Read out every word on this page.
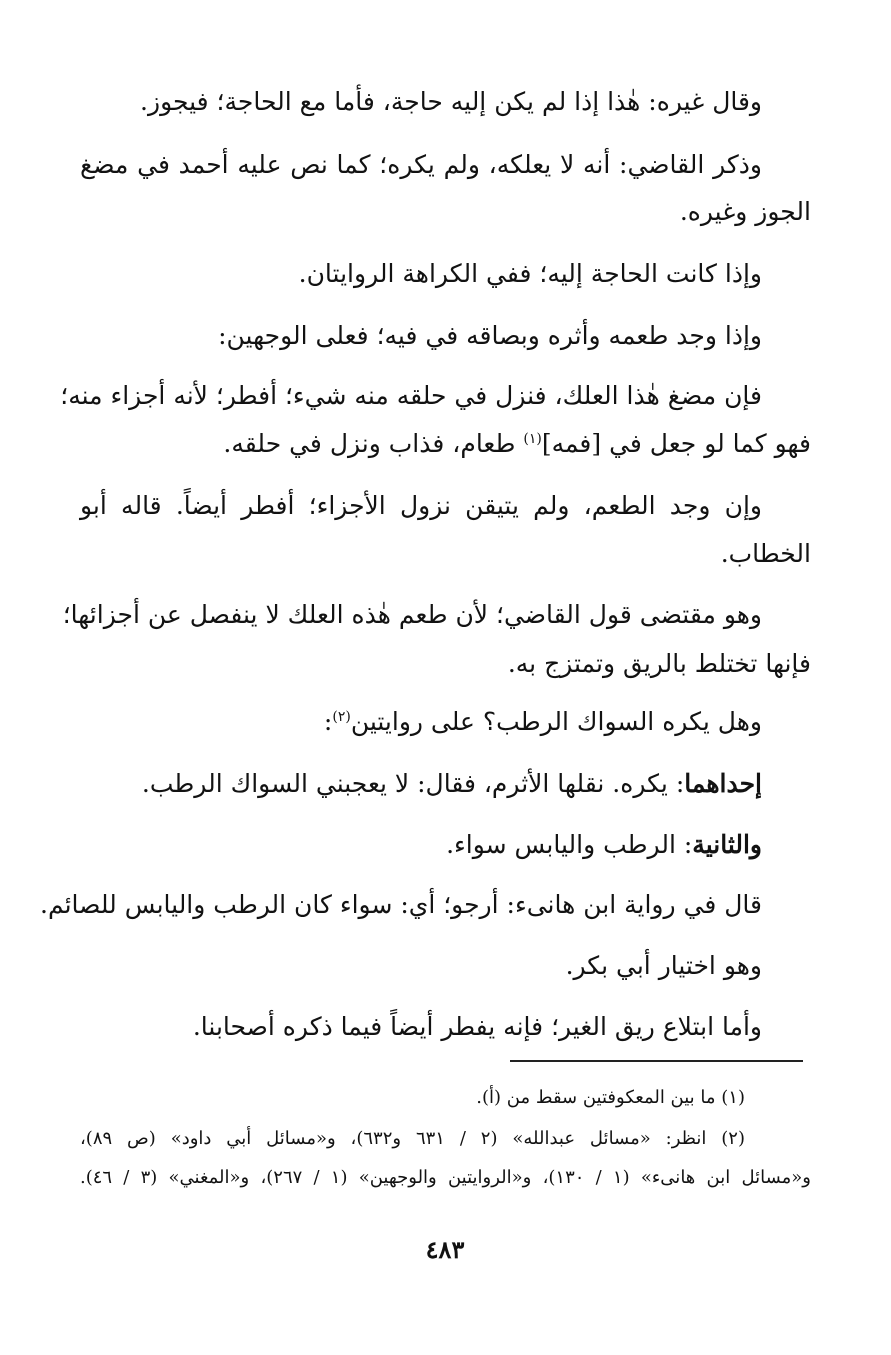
وقال غيره: هٰذا إذا لم يكن إليه حاجة، فأما مع الحاجة؛ فيجوز.
وذكر القاضي: أنه لا يعلكه، ولم يكره؛ كما نص عليه أحمد في مضغ
الجوز وغيره.
وإذا كانت الحاجة إليه؛ ففي الكراهة الروايتان.
وإذا وجد طعمه وأثره وبصاقه في فيه؛ فعلى الوجهين:
فإن مضغ هٰذا العلك، فنزل في حلقه منه شيء؛ أفطر؛ لأنه أجزاء منه؛
فهو كما لو جعل في [فمه]$^{(١)}$ طعام، فذاب ونزل في حلقه.
وإن وجد الطعم، ولم يتيقن نزول الأجزاء؛ أفطر أيضاً. قاله أبو
الخطاب.
وهو مقتضى قول القاضي؛ لأن طعم هٰذه العلك لا ينفصل عن أجزائها؛
فإنها تختلط بالريق وتمتزج به.
وهل يكره السواك الرطب؟ على روايتين$^{(٢)}$:
إحداهما: يكره. نقلها الأثرم، فقال: لا يعجبني السواك الرطب.
والثانية: الرطب واليابس سواء.
قال في رواية ابن هانىء: أرجو؛ أي: سواء كان الرطب واليابس للصائم.
وهو اختيار أبي بكر.
وأما ابتلاع ريق الغير؛ فإنه يفطر أيضاً فيما ذكره أصحابنا.
(١) ما بين المعكوفتين سقط من (أ).
(٢) انظر: «مسائل عبدالله» (٢ / ٦٣١ و٦٣٢)، و«مسائل أبي داود» (ص ٨٩)،
و«مسائل ابن هانىء» (١ / ١٣٠)، و«الروايتين والوجهين» (١ / ٢٦٧)، و«المغني» (٣ / ٤٦).
٤٨٣
